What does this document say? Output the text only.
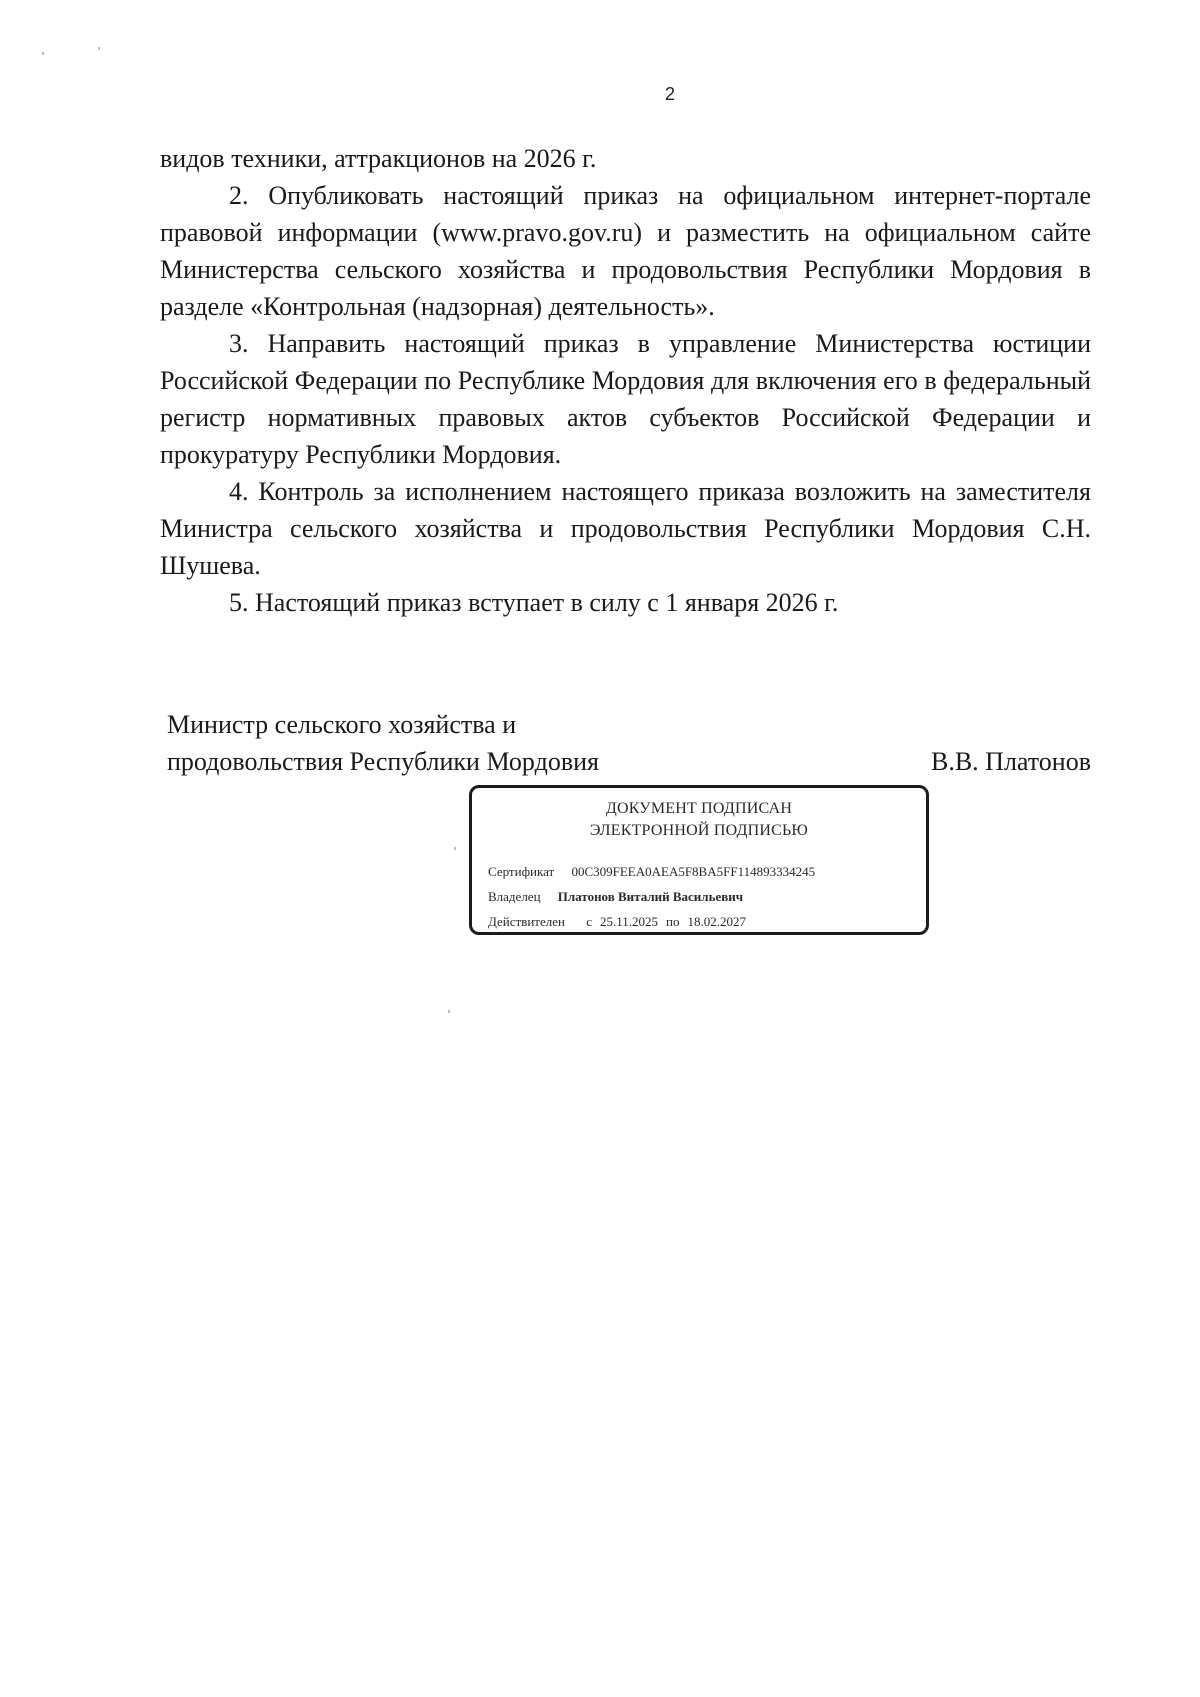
2

видов техники, аттракционов на 2026 г.

2. Опубликовать настоящий приказ на официальном интернет-портале правовой информации (www.pravo.gov.ru) и разместить на официальном сайте Министерства сельского хозяйства и продовольствия Республики Мордовия в разделе «Контрольная (надзорная) деятельность».

3. Направить настоящий приказ в управление Министерства юстиции Российской Федерации по Республике Мордовия для включения его в федеральный регистр нормативных правовых актов субъектов Российской Федерации и прокуратуру Республики Мордовия.

4. Контроль за исполнением настоящего приказа возложить на заместителя Министра сельского хозяйства и продовольствия Республики Мордовия С.Н. Шушева.

5. Настоящий приказ вступает в силу с 1 января 2026 г.

Министр сельского хозяйства и
продовольствия Республики Мордовия	В.В. Платонов
ДОКУМЕНТ ПОДПИСАН
ЭЛЕКТРОННОЙ ПОДПИСЬЮ
Сертификат 00C309FEEA0AEA5F8BA5FF114893334245
Владелец Платонов Виталий Васильевич
Действителен с 25.11.2025 по 18.02.2027
